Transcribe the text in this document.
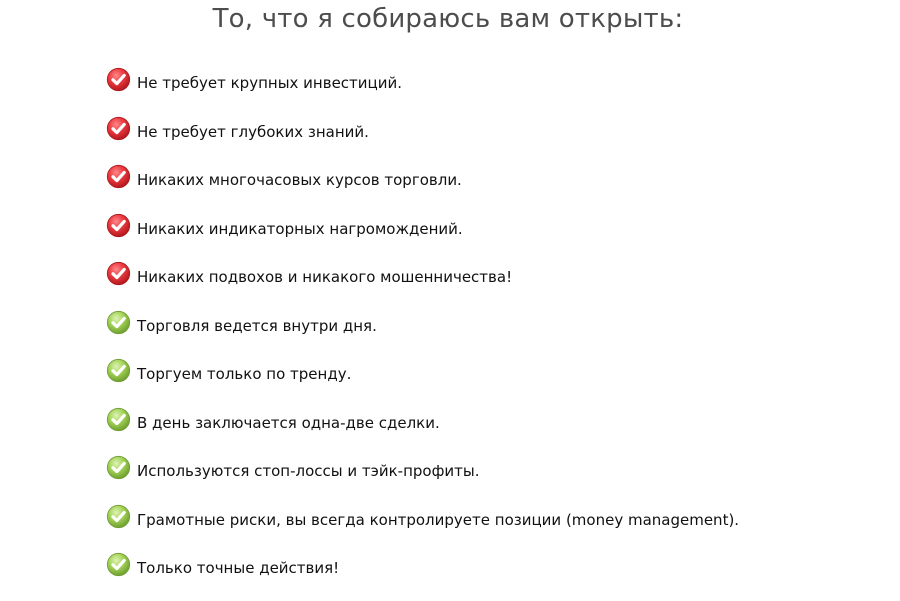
То, что я собираюсь вам открыть:
Не требует крупных инвестиций.
Не требует глубоких знаний.
Никаких многочасовых курсов торговли.
Никаких индикаторных нагромождений.
Никаких подвохов и никакого мошенничества!
Торговля ведется внутри дня.
Торгуем только по тренду.
В день заключается одна-две сделки.
Используются стоп-лоссы и тэйк-профиты.
Грамотные риски, вы всегда контролируете позиции (money management).
Только точные действия!
